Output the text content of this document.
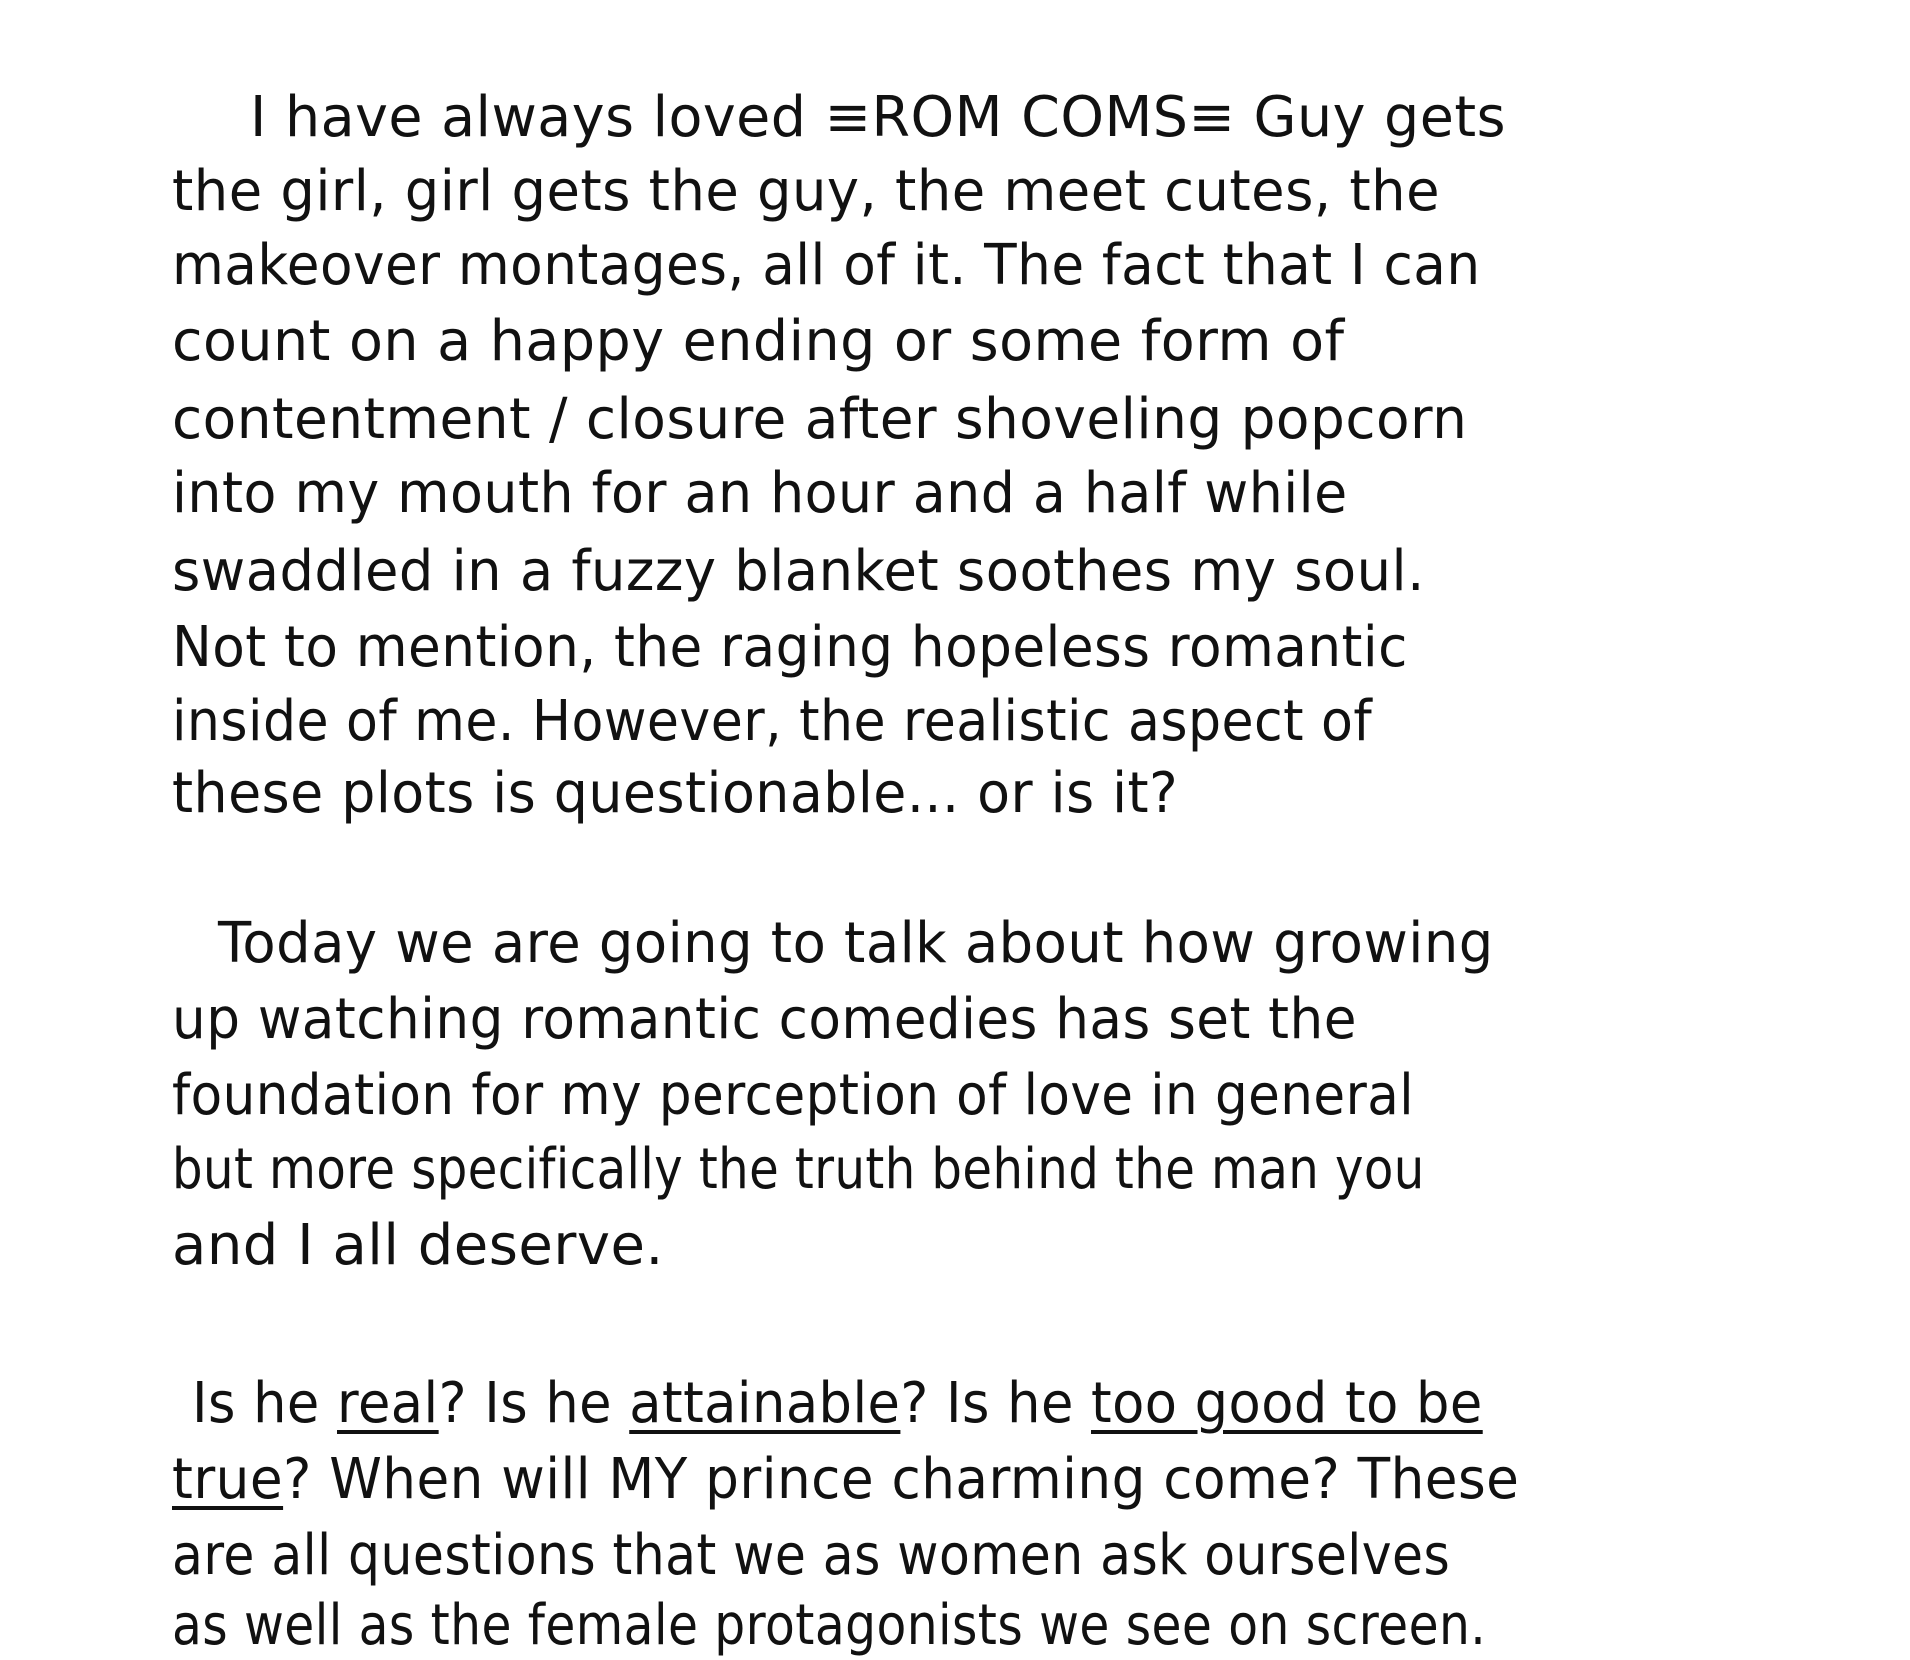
I have always loved ≡ROM COMS≡ Guy gets

the girl, girl gets the guy, the meet cutes, the

makeover montages, all of it. The fact that I can

count on a happy ending or some form of

contentment / closure after shoveling popcorn

into my mouth for an hour and a half while

swaddled in a fuzzy blanket soothes my soul.

Not to mention, the raging hopeless romantic

inside of me. However, the realistic aspect of

these plots is questionable... or is it?

Today we are going to talk about how growing

up watching romantic comedies has set the

foundation for my perception of love in general

but more specifically the truth behind the man you

and I all deserve.

Is he real? Is he attainable? Is he too good to be

true? When will MY prince charming come? These

are all questions that we as women ask ourselves

as well as the female protagonists we see on screen.
